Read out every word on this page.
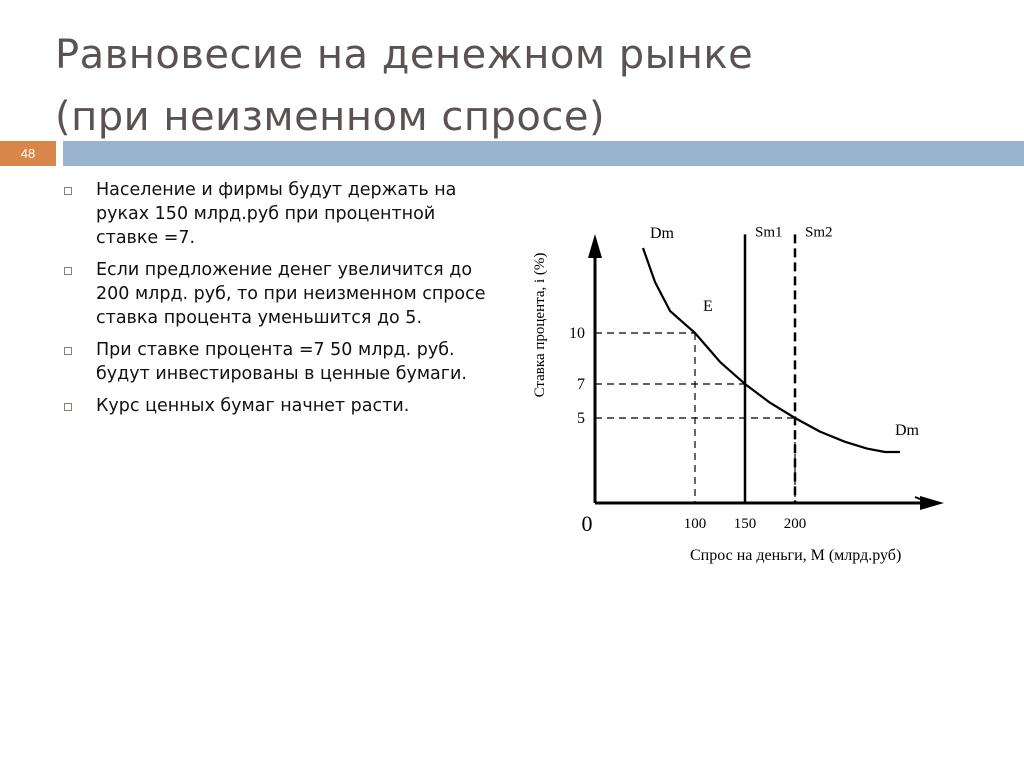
Равновесие на денежном рынке
(при неизменном спросе)
48
Население и фирмы будут держать на руках 150 млрд.руб при процентной ставке =7.
Если предложение денег увеличится до 200 млрд. руб, то при неизменном спросе ставка процента уменьшится до 5.
При ставке процента =7 50 млрд. руб. будут инвестированы в ценные бумаги.
Курс ценных бумаг начнет расти.
Sm1 Sm2
5
7
10
100 150 200
0
Спрос на деньги, М (млрд.руб)
Ставка процента, i (%)
Dm
E
Dm
